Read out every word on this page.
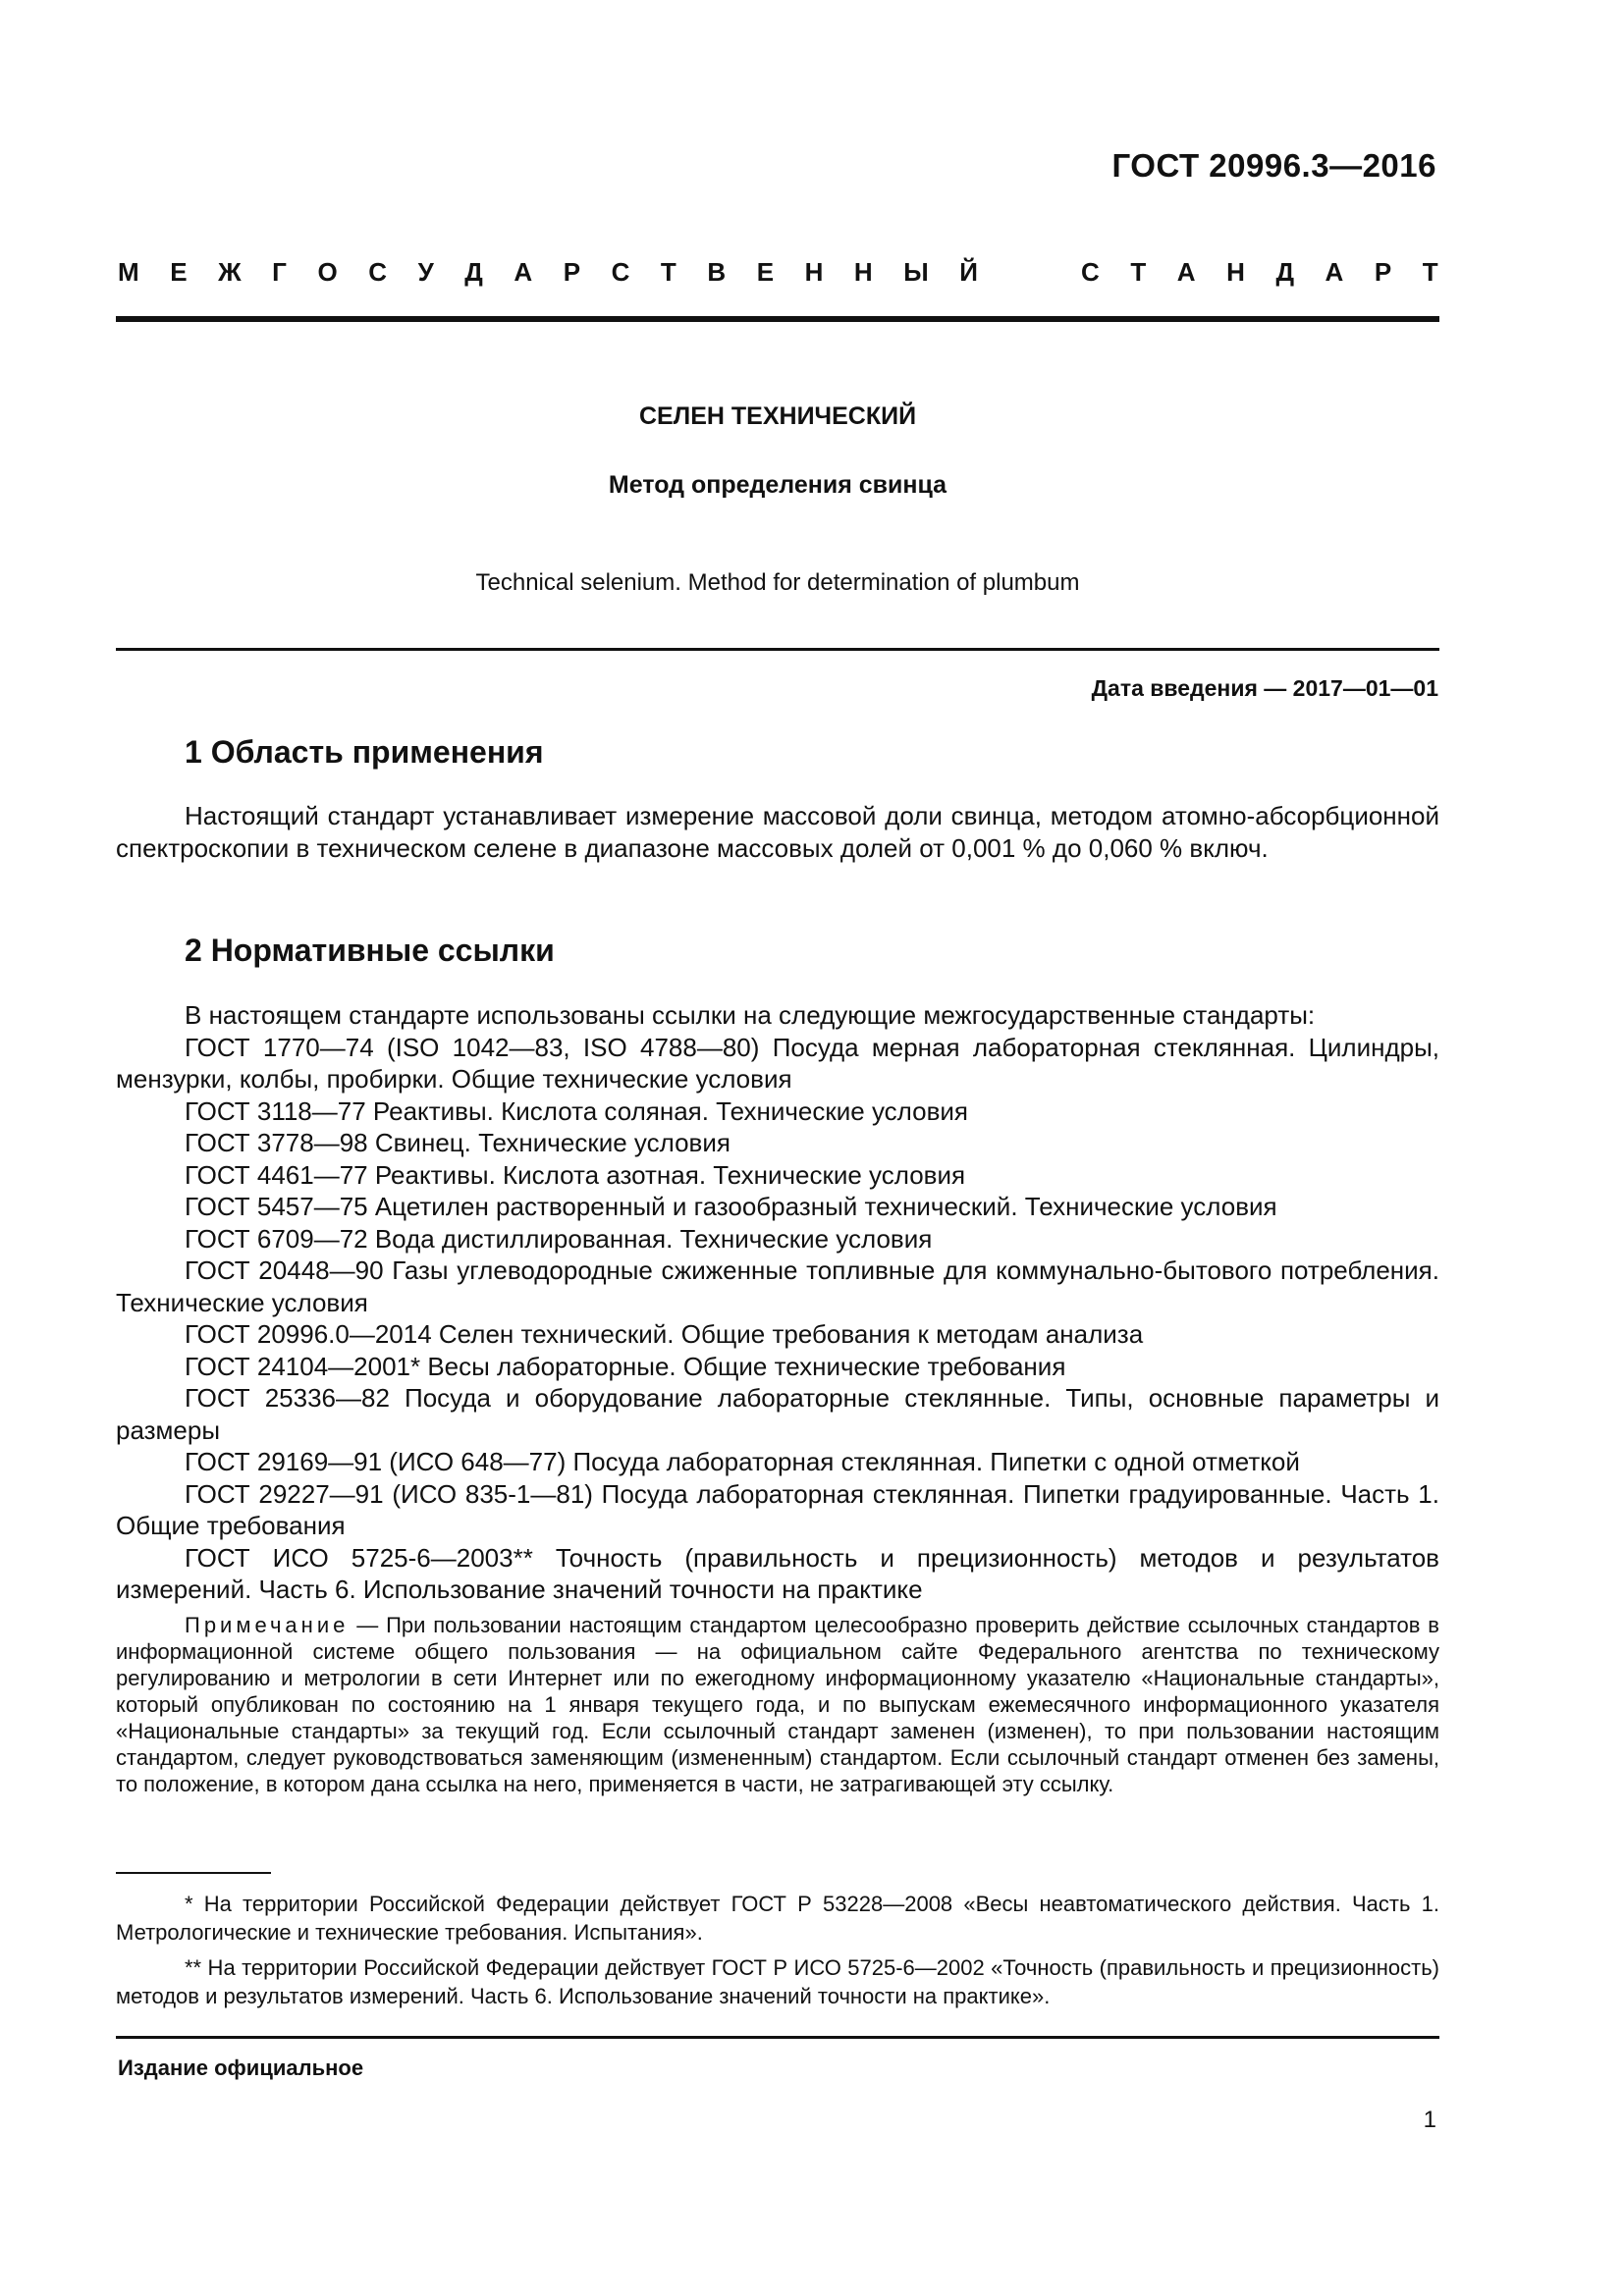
ГОСТ 20996.3—2016
М Е Ж Г О С У Д А Р С Т В Е Н Н Ы Й	С Т А Н Д А Р Т
СЕЛЕН ТЕХНИЧЕСКИЙ
Метод определения свинца
Technical selenium. Method for determination of plumbum
Дата введения — 2017—01—01
1 Область применения

Настоящий стандарт устанавливает измерение массовой доли свинца, методом атомно-абсорбционной спектроскопии в техническом селене в диапазоне массовых долей от 0,001 % до 0,060 % включ.

2 Нормативные ссылки

В настоящем стандарте использованы ссылки на следующие межгосударственные стандарты:

ГОСТ 1770—74 (ISO 1042—83, ISO 4788—80) Посуда мерная лабораторная стеклянная. Цилиндры, мензурки, колбы, пробирки. Общие технические условия

ГОСТ 3118—77 Реактивы. Кислота соляная. Технические условия

ГОСТ 3778—98 Свинец. Технические условия

ГОСТ 4461—77 Реактивы. Кислота азотная. Технические условия

ГОСТ 5457—75 Ацетилен растворенный и газообразный технический. Технические условия

ГОСТ 6709—72 Вода дистиллированная. Технические условия

ГОСТ 20448—90 Газы углеводородные сжиженные топливные для коммунально-бытового потребления. Технические условия

ГОСТ 20996.0—2014 Селен технический. Общие требования к методам анализа

ГОСТ 24104—2001* Весы лабораторные. Общие технические требования

ГОСТ 25336—82 Посуда и оборудование лабораторные стеклянные. Типы, основные параметры и размеры

ГОСТ 29169—91 (ИСО 648—77) Посуда лабораторная стеклянная. Пипетки с одной отметкой

ГОСТ 29227—91 (ИСО 835-1—81) Посуда лабораторная стеклянная. Пипетки градуированные. Часть 1. Общие требования

ГОСТ ИСО 5725-6—2003** Точность (правильность и прецизионность) методов и результатов измерений. Часть 6. Использование значений точности на практике

Примечание — При пользовании настоящим стандартом целесообразно проверить действие ссылочных стандартов в информационной системе общего пользования — на официальном сайте Федерального агентства по техническому регулированию и метрологии в сети Интернет или по ежегодному информационному указателю «Национальные стандарты», который опубликован по состоянию на 1 января текущего года, и по выпускам ежемесячного информационного указателя «Национальные стандарты» за текущий год. Если ссылочный стандарт заменен (изменен), то при пользовании настоящим стандартом, следует руководствоваться заменяющим (измененным) стандартом. Если ссылочный стандарт отменен без замены, то положение, в котором дана ссылка на него, применяется в части, не затрагивающей эту ссылку.

* На территории Российской Федерации действует ГОСТ Р 53228—2008 «Весы неавтоматического действия. Часть 1. Метрологические и технические требования. Испытания».

** На территории Российской Федерации действует ГОСТ Р ИСО 5725-6—2002 «Точность (правильность и прецизионность) методов и результатов измерений. Часть 6. Использование значений точности на практике».

Издание официальное
1
